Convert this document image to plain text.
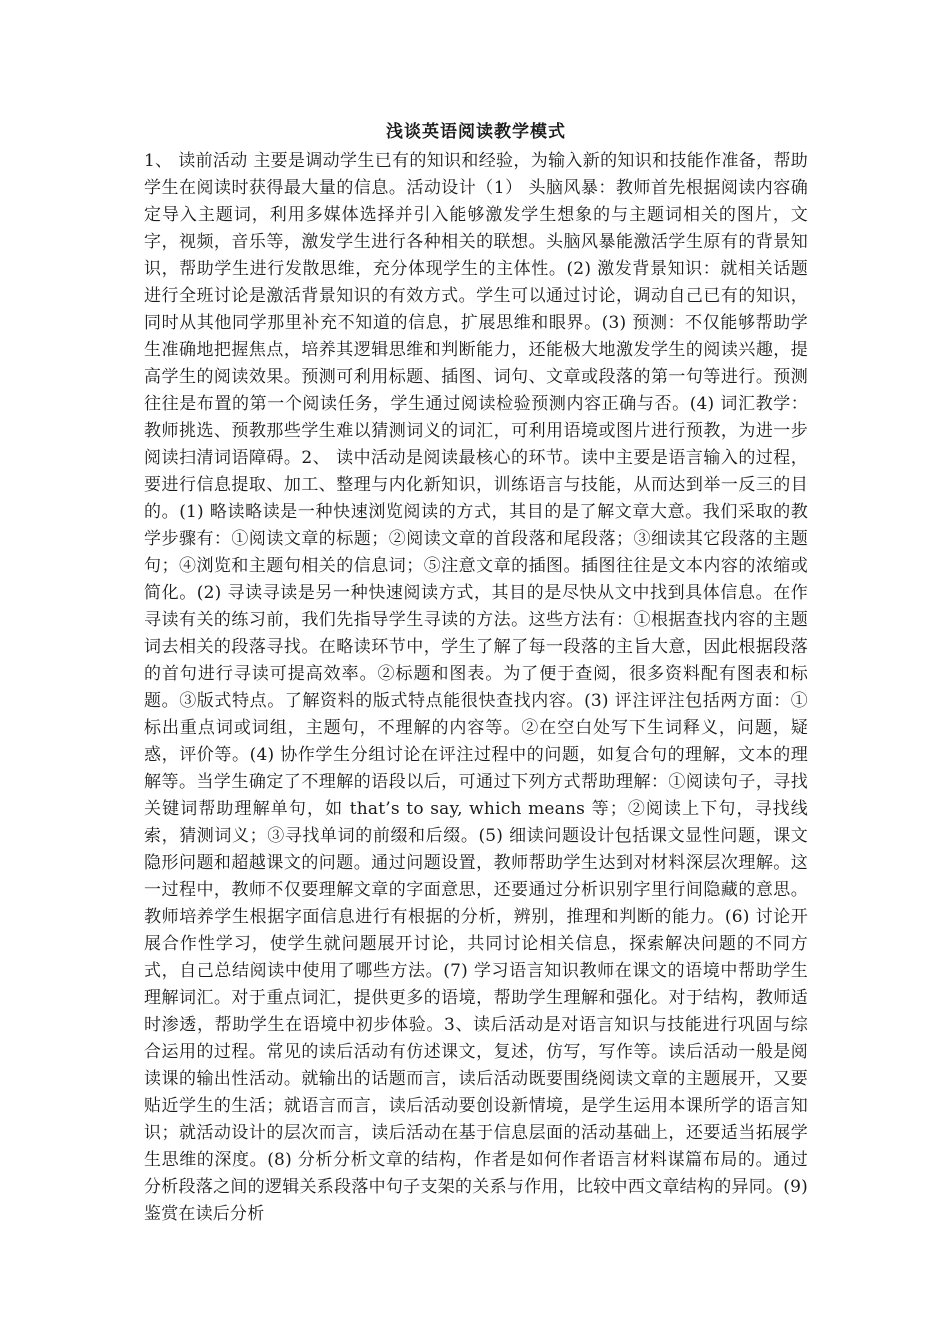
浅谈英语阅读教学模式

1、 读前活动 主要是调动学生已有的知识和经验，为输入新的知识和技能作准备，帮助学生在阅读时获得最大量的信息。活动设计（1） 头脑风暴：教师首先根据阅读内容确定导入主题词，利用多媒体选择并引入能够激发学生想象的与主题词相关的图片，文字，视频，音乐等，激发学生进行各种相关的联想。头脑风暴能激活学生原有的背景知识，帮助学生进行发散思维，充分体现学生的主体性。(2) 激发背景知识：就相关话题进行全班讨论是激活背景知识的有效方式。学生可以通过讨论，调动自己已有的知识，同时从其他同学那里补充不知道的信息，扩展思维和眼界。(3) 预测：不仅能够帮助学生准确地把握焦点，培养其逻辑思维和判断能力，还能极大地激发学生的阅读兴趣，提高学生的阅读效果。预测可利用标题、插图、词句、文章或段落的第一句等进行。预测往往是布置的第一个阅读任务，学生通过阅读检验预测内容正确与否。(4) 词汇教学：教师挑选、预教那些学生难以猜测词义的词汇，可利用语境或图片进行预教，为进一步阅读扫清词语障碍。2、 读中活动是阅读最核心的环节。读中主要是语言输入的过程，要进行信息提取、加工、整理与内化新知识，训练语言与技能，从而达到举一反三的目的。(1) 略读略读是一种快速浏览阅读的方式，其目的是了解文章大意。我们采取的教学步骤有：①阅读文章的标题；②阅读文章的首段落和尾段落；③细读其它段落的主题句；④浏览和主题句相关的信息词；⑤注意文章的插图。插图往往是文本内容的浓缩或简化。(2) 寻读寻读是另一种快速阅读方式，其目的是尽快从文中找到具体信息。在作寻读有关的练习前，我们先指导学生寻读的方法。这些方法有：①根据查找内容的主题词去相关的段落寻找。在略读环节中，学生了解了每一段落的主旨大意，因此根据段落的首句进行寻读可提高效率。②标题和图表。为了便于查阅，很多资料配有图表和标题。③版式特点。了解资料的版式特点能很快查找内容。(3) 评注评注包括两方面：①标出重点词或词组，主题句，不理解的内容等。②在空白处写下生词释义，问题，疑惑，评价等。(4) 协作学生分组讨论在评注过程中的问题，如复合句的理解，文本的理解等。当学生确定了不理解的语段以后，可通过下列方式帮助理解：①阅读句子，寻找关键词帮助理解单句，如 that’s to say, which means 等；②阅读上下句，寻找线索，猜测词义；③寻找单词的前缀和后缀。(5) 细读问题设计包括课文显性问题，课文隐形问题和超越课文的问题。通过问题设置，教师帮助学生达到对材料深层次理解。这一过程中，教师不仅要理解文章的字面意思，还要通过分析识别字里行间隐藏的意思。教师培养学生根据字面信息进行有根据的分析，辨别，推理和判断的能力。(6) 讨论开展合作性学习，使学生就问题展开讨论，共同讨论相关信息，探索解决问题的不同方式，自己总结阅读中使用了哪些方法。(7) 学习语言知识教师在课文的语境中帮助学生理解词汇。对于重点词汇，提供更多的语境，帮助学生理解和强化。对于结构，教师适时渗透，帮助学生在语境中初步体验。3、读后活动是对语言知识与技能进行巩固与综合运用的过程。常见的读后活动有仿述课文，复述，仿写，写作等。读后活动一般是阅读课的输出性活动。就输出的话题而言，读后活动既要围绕阅读文章的主题展开，又要贴近学生的生活；就语言而言，读后活动要创设新情境，是学生运用本课所学的语言知识；就活动设计的层次而言，读后活动在基于信息层面的活动基础上，还要适当拓展学生思维的深度。(8) 分析分析文章的结构，作者是如何作者语言材料谋篇布局的。通过分析段落之间的逻辑关系段落中句子支架的关系与作用，比较中西文章结构的异同。(9) 鉴赏在读后分析
